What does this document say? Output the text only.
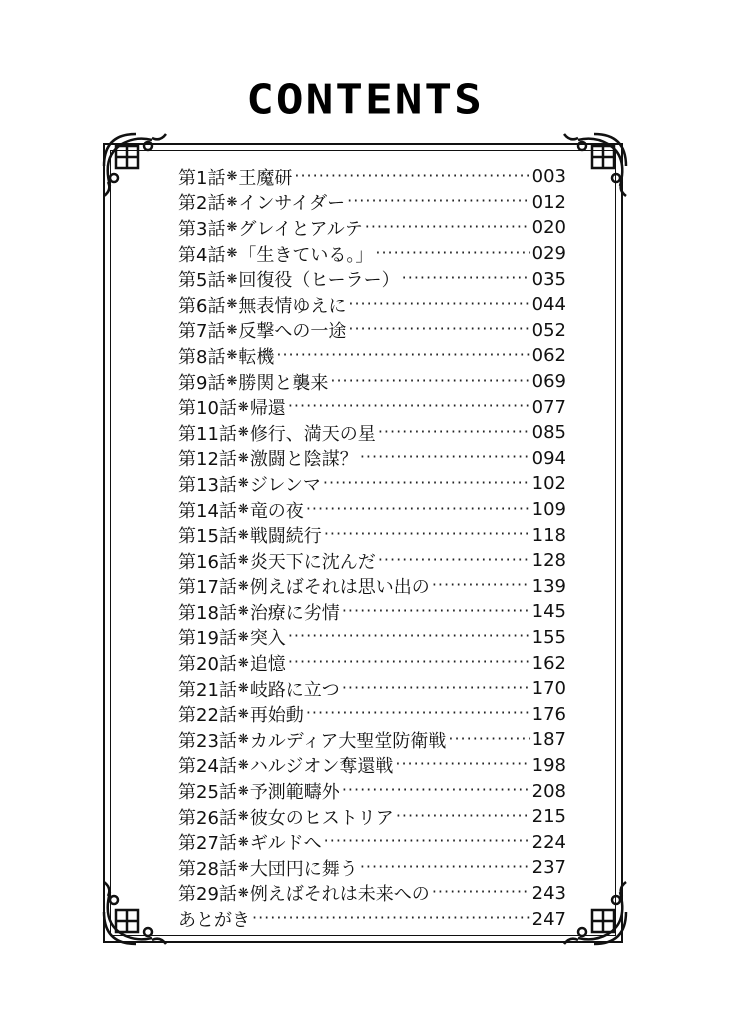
CONTENTS
第1話 ❋ 王魔研 ·····	003
第2話 ❋ インサイダー ·····	012
第3話 ❋ グレイとアルテ ·····	020
第4話 ❋ 「生きている。」 ·····	029
第5話 ❋ 回復役（ヒーラー） ·····	035
第6話 ❋ 無表情ゆえに ·····	044
第7話 ❋ 反撃への一途 ·····	052
第8話 ❋ 転機 ·····	062
第9話 ❋ 勝関と襲来 ·····	069
第10話 ❋ 帰還 ·····	077
第11話 ❋ 修行、満天の星 ·····	085
第12話 ❋ 激闘と陰謀？ ·····	094
第13話 ❋ ジレンマ ·····	102
第14話 ❋ 竜の夜 ·····	109
第15話 ❋ 戦闘続行 ·····	118
第16話 ❋ 炎天下に沈んだ ·····	128
第17話 ❋ 例えばそれは思い出の ·····	139
第18話 ❋ 治療に劣情 ·····	145
第19話 ❋ 突入 ·····	155
第20話 ❋ 追憶 ·····	162
第21話 ❋ 岐路に立つ ·····	170
第22話 ❋ 再始動 ·····	176
第23話 ❋ カルディア大聖堂防衛戦 ·····	187
第24話 ❋ ハルジオン奪還戦 ·····	198
第25話 ❋ 予測範疇外 ·····	208
第26話 ❋ 彼女のヒストリア ·····	215
第27話 ❋ ギルドへ ·····	224
第28話 ❋ 大団円に舞う ·····	237
第29話 ❋ 例えばそれは未来への ·····	243
あとがき ·····	247
